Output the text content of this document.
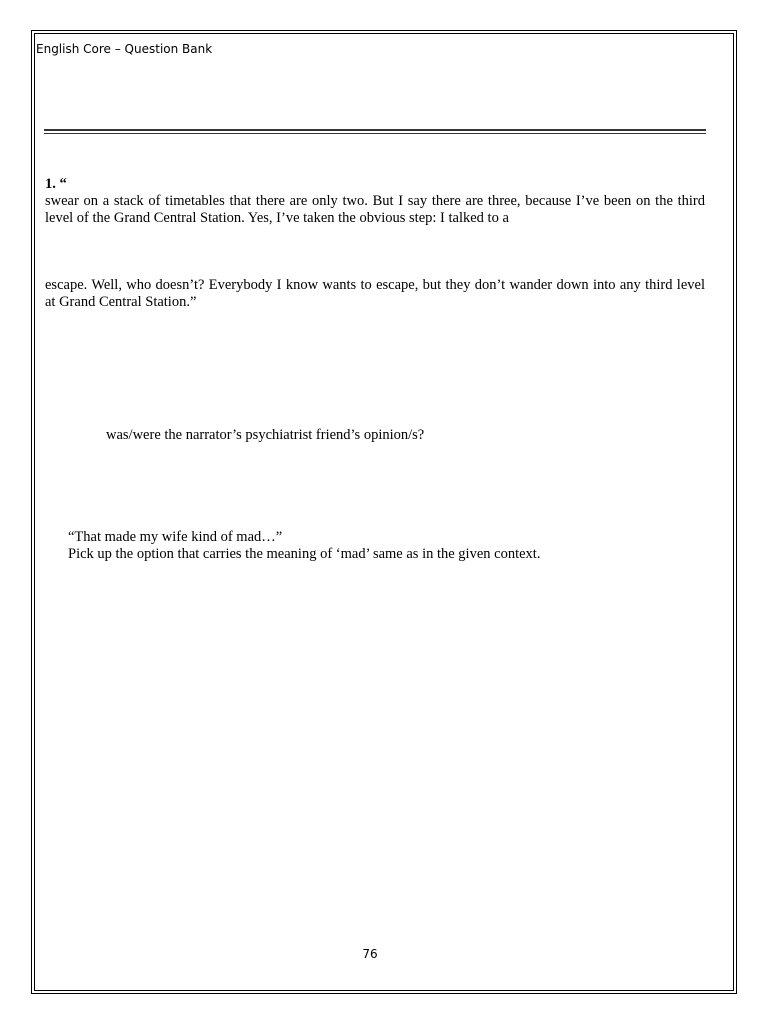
English Core – Question Bank
1. “
swear on a stack of timetables that there are only two. But I say there are three, because I’ve been on the third level of the Grand Central Station. Yes, I’ve taken the obvious step: I talked to a
escape. Well, who doesn’t? Everybody I know wants to escape, but they don’t wander down into any third level at Grand Central Station.”
was/were the narrator’s psychiatrist friend’s opinion/s?
“That made my wife kind of mad…”
Pick up the option that carries the meaning of ‘mad’ same as in the given context.
76
